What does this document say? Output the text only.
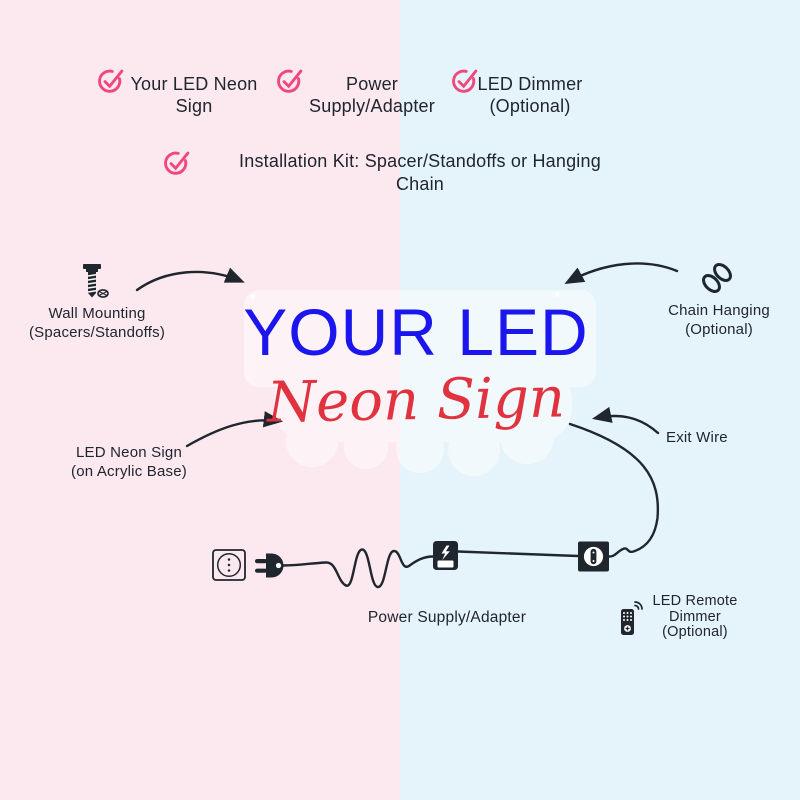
Your LED Neon Sign
Power Supply/Adapter
LED Dimmer (Optional)
Installation Kit: Spacer/Standoffs or Hanging Chain
YOUR LED
Neon Sign
Wall Mounting
(Spacers/Standoffs)
Chain Hanging
(Optional)
LED Neon Sign
(on Acrylic Base)
Exit Wire
Power Supply/Adapter
LED Remote
Dimmer
(Optional)
